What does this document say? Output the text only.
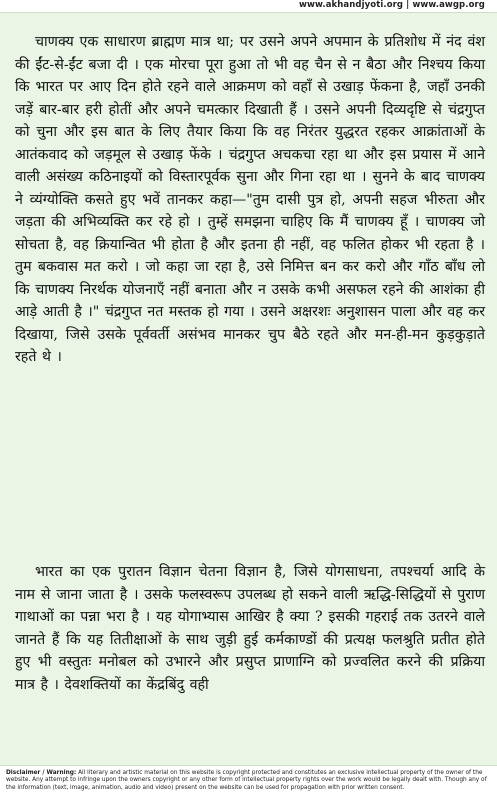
www.akhandjyoti.org | www.awgp.org

चाणक्य एक साधारण ब्राह्मण मात्र था; पर उसने अपने अपमान के प्रतिशोध में नंद वंश की ईंट-से-ईंट बजा दी । एक मोरचा पूरा हुआ तो भी वह चैन से न बैठा और निश्चय किया कि भारत पर आए दिन होते रहने वाले आक्रमण को वहाँ से उखाड़ फेंकना है, जहाँ उनकी जड़ें बार-बार हरी होतीं और अपने चमत्कार दिखाती हैं । उसने अपनी दिव्यदृष्टि से चंद्रगुप्त को चुना और इस बात के लिए तैयार किया कि वह निरंतर युद्धरत रहकर आक्रांताओं के आतंकवाद को जड़मूल से उखाड़ फेंके । चंद्रगुप्त अचकचा रहा था और इस प्रयास में आने वाली असंख्य कठिनाइयों को विस्तारपूर्वक सुना और गिना रहा था । सुनने के बाद चाणक्य ने व्यंग्योक्ति कसते हुए भवें तानकर कहा—"तुम दासी पुत्र हो, अपनी सहज भीरुता और जड़ता की अभिव्यक्ति कर रहे हो । तुम्हें समझना चाहिए कि मैं चाणक्य हूँ । चाणक्य जो सोचता है, वह क्रियान्वित भी होता है और इतना ही नहीं, वह फलित होकर भी रहता है । तुम बकवास मत करो । जो कहा जा रहा है, उसे निमित्त बन कर करो और गाँठ बाँध लो कि चाणक्य निरर्थक योजनाएँ नहीं बनाता और न उसके कभी असफल रहने की आशंका ही आड़े आती है ।" चंद्रगुप्त नत मस्तक हो गया । उसने अक्षरशः अनुशासन पाला और वह कर दिखाया, जिसे उसके पूर्ववर्ती असंभव मानकर चुप बैठे रहते और मन-ही-मन कुड़कुड़ाते रहते थे ।

भारत का एक पुरातन विज्ञान चेतना विज्ञान है, जिसे योगसाधना, तपश्चर्या आदि के नाम से जाना जाता है । उसके फलस्वरूप उपलब्ध हो सकने वाली ऋद्धि-सिद्धियों से पुराण गाथाओं का पन्ना भरा है । यह योगाभ्यास आखिर है क्या ? इसकी गहराई तक उतरने वाले जानते हैं कि यह तितीक्षाओं के साथ जुड़ी हुई कर्मकाण्डों की प्रत्यक्ष फलश्रुति प्रतीत होते हुए भी वस्तुतः मनोबल को उभारने और प्रसुप्त प्राणाग्नि को प्रज्वलित करने की प्रक्रिया मात्र है । देवशक्तियों का केंद्रबिंदु वही

Disclaimer / Warning: All literary and artistic material on this website is copyright protected and constitutes an exclusive intellectual property of the owner of the website. Any attempt to infringe upon the owners copyright or any other form of intellectual property rights over the work would be legally dealt with. Though any of the information (text, image, animation, audio and video) present on the website can be used for propagation with prior written consent.
